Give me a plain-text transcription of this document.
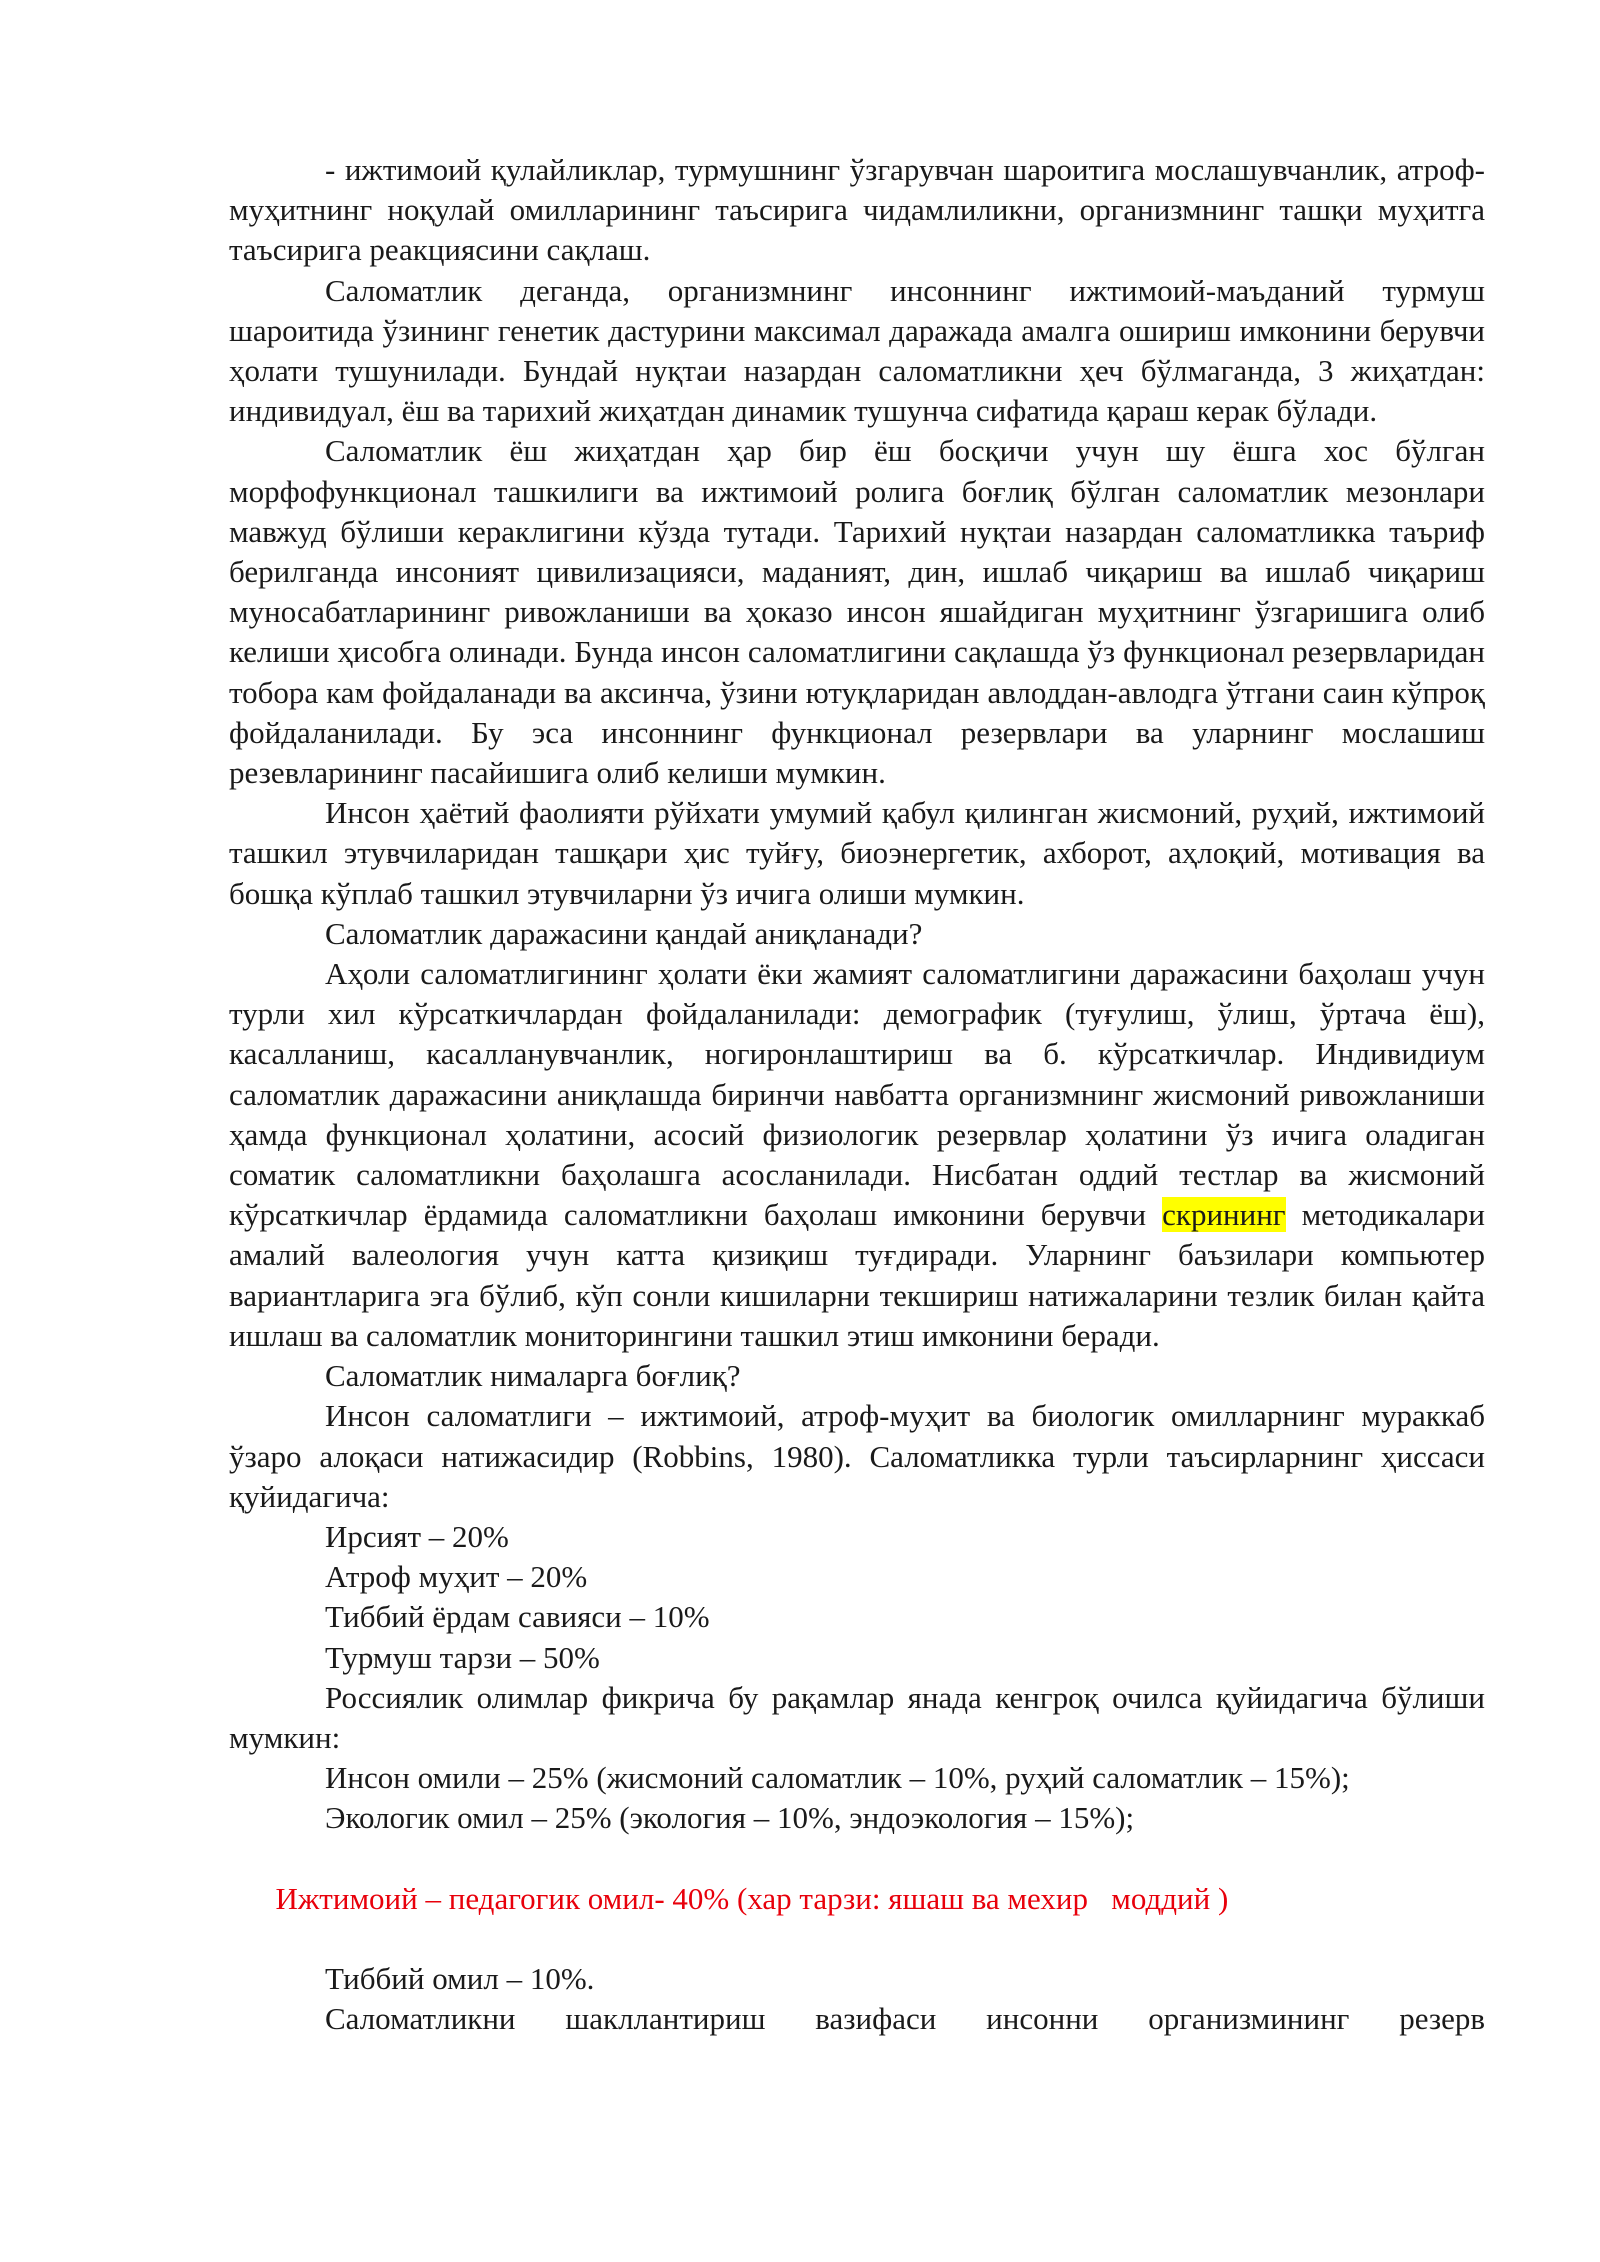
- ижтимоий қулайликлар, турмушнинг ўзгарувчан шароитига мослашувчанлик, атроф-муҳитнинг ноқулай омилларининг таъсирига чидамлиликни, организмнинг ташқи муҳитга таъсирига реакциясини сақлаш.

Саломатлик деганда, организмнинг инсоннинг ижтимоий-маъданий турмуш шароитида ўзининг генетик дастурини максимал даражада амалга ошириш имконини берувчи ҳолати тушунилади. Бундай нуқтаи назардан саломатликни ҳеч бўлмаганда, 3 жиҳатдан: индивидуал, ёш ва тарихий жиҳатдан динамик тушунча сифатида қараш керак бўлади.

Саломатлик ёш жиҳатдан ҳар бир ёш босқичи учун шу ёшга хос бўлган морфофункционал ташкилиги ва ижтимоий ролига боғлиқ бўлган саломатлик мезонлари мавжуд бўлиши кераклигини кўзда тутади. Тарихий нуқтаи назардан саломатликка таъриф берилганда инсоният цивилизацияси, маданият, дин, ишлаб чиқариш ва ишлаб чиқариш муносабатларининг ривожланиши ва ҳоказо инсон яшайдиган муҳитнинг ўзгаришига олиб келиши ҳисобга олинади. Бунда инсон саломатлигини сақлашда ўз функционал резервларидан тобора кам фойдаланади ва аксинча, ўзини ютуқларидан авлоддан-авлодга ўтгани саин кўпроқ фойдаланилади. Бу эса инсоннинг функционал резервлари ва уларнинг мослашиш резевларининг пасайишига олиб келиши мумкин.

Инсон ҳаётий фаолияти рўйхати умумий қабул қилинган жисмоний, руҳий, ижтимоий ташкил этувчиларидан ташқари ҳис туйғу, биоэнергетик, ахборот, аҳлоқий, мотивация ва бошқа кўплаб ташкил этувчиларни ўз ичига олиши мумкин.

Саломатлик даражасини қандай аниқланади?

Аҳоли саломатлигининг ҳолати ёки жамият саломатлигини даражасини баҳолаш учун турли хил кўрсаткичлардан фойдаланилади: демографик (туғулиш, ўлиш, ўртача ёш), касалланиш, касалланувчанлик, ногиронлаштириш ва б. кўрсаткичлар. Индивидиум саломатлик даражасини аниқлашда биринчи навбатта организмнинг жисмоний ривожланиши ҳамда функционал ҳолатини, асосий физиологик резервлар ҳолатини ўз ичига оладиган соматик саломатликни баҳолашга асосланилади. Нисбатан оддий тестлар ва жисмоний кўрсаткичлар ёрдамида саломатликни баҳолаш имконини берувчи скрининг методикалари амалий валеология учун катта қизиқиш туғдиради. Уларнинг баъзилари компьютер вариантларига эга бўлиб, кўп сонли кишиларни текшириш натижаларини тезлик билан қайта ишлаш ва саломатлик мониторингини ташкил этиш имконини беради.

Саломатлик нималарга боғлиқ?

Инсон саломатлиги – ижтимоий, атроф-муҳит ва биологик омилларнинг мураккаб ўзаро алоқаси натижасидир (Robbins, 1980). Саломатликка турли таъсирларнинг ҳиссаси қуйидагича:

Ирсият – 20%

Атроф муҳит – 20%

Тиббий ёрдам савияси – 10%

Турмуш тарзи – 50%

Россиялик олимлар фикрича бу рақамлар янада кенгроқ очилса қуйидагича бўлиши мумкин:

Инсон омили – 25% (жисмоний саломатлик – 10%, руҳий саломатлик – 15%);

Экологик омил – 25% (экология – 10%, эндоэкология – 15%);

Ижтимоий – педагогик омил- 40% (хар тарзи: яшаш ва мехир   моддий )

Тиббий омил – 10%.

Саломатликни шакллантириш вазифаси инсонни организмининг резерв
